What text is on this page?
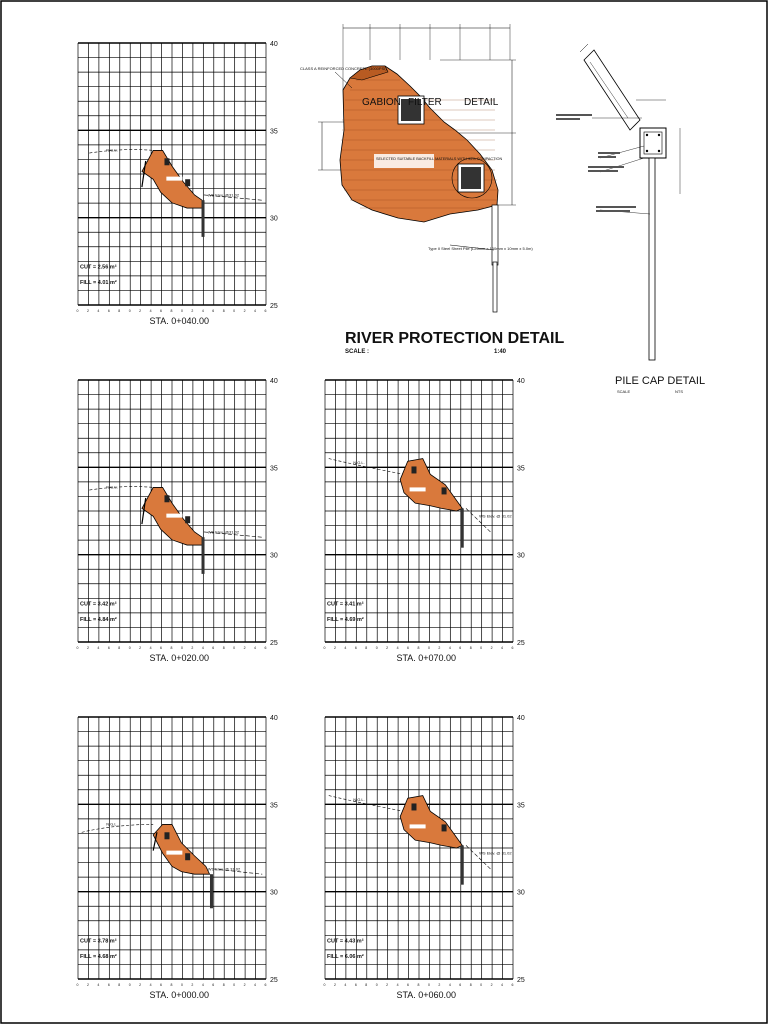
0 2 4 6 8 0 2 4 6 8 0 2 4 6 8 0 2 4 6
40
35
30
25
N.G.L.
WS Elev. @31.02
CUT = 2.56 m²
FILL = 4.01 m²
STA. 0+040.00
0 2 4 6 8 0 2 4 6 8 0 2 4 6 8 0 2 4 6
40
35
30
25
N.G.L.
WS Elev. @31.02
CUT = 3.42 m²
FILL = 4.84 m²
STA. 0+020.00
0 2 4 6 8 0 2 4 6 8 0 2 4 6 8 0 2 4 6
40
35
30
25
N.G.L.
WS Elev. @ 31.02
CUT = 3.41 m²
FILL = 4.69 m²
STA. 0+070.00
0 2 4 6 8 0 2 4 6 8 0 2 4 6 8 0 2 4 6
40
35
30
25
N.G.L.
WS Elev. @ 31.02
CUT = 3.78 m²
FILL = 4.68 m²
STA. 0+000.00
0 2 4 6 8 0 2 4 6 8 0 2 4 6 8 0 2 4 6
40
35
30
25
N.G.L.
WS Elev. @ 31.02
CUT = 4.43 m²
FILL = 6.06 m²
STA. 0+060.00
CLASS A REINFORCED CONCRETE (3000PSI)
SELECTED SUITABLE BACKFILL MATERIALS WITH 95% COMPACTION
Type II Steel Sheet Pile (L25mm x 100mm x 10mm x 5.0m)
GABION FILTER DETAIL
RIVER PROTECTION DETAIL
SCALE :	1:40
PILE CAP DETAIL
SCALE	NTS
